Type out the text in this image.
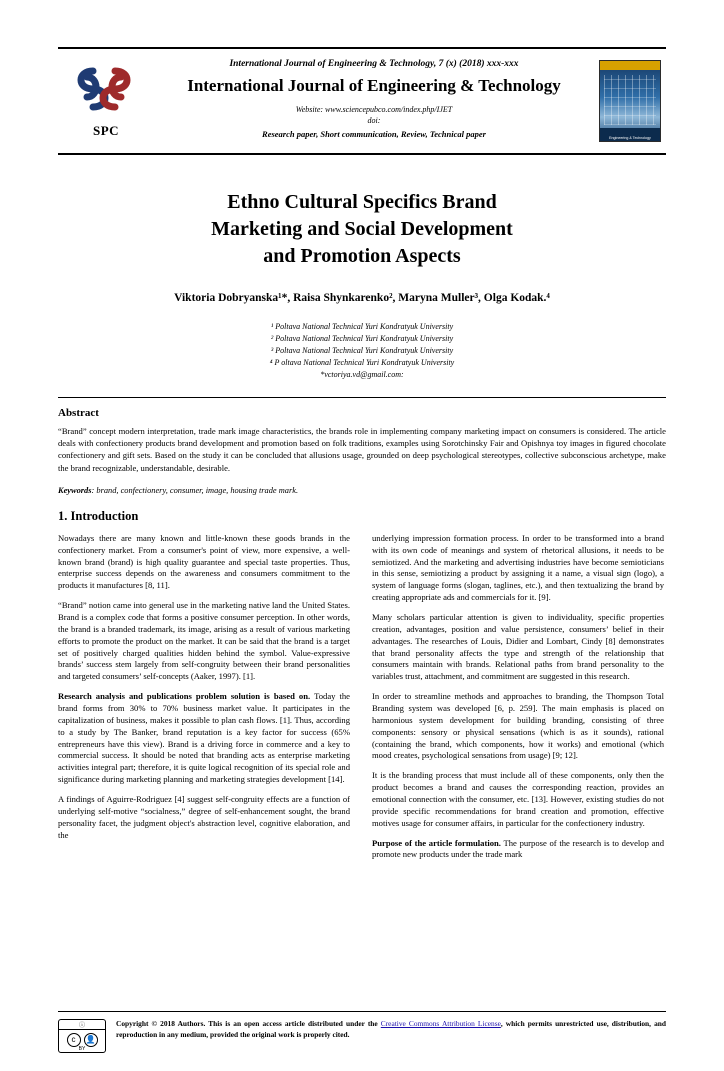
SPC
International Journal of Engineering & Technology, 7 (x) (2018) xxx-xxx
International Journal of Engineering & Technology
Website: www.sciencepubco.com/index.php/IJET
doi:
Research paper, Short communication, Review, Technical paper	Engineering & Technology
Ethno Cultural Specifics Brand
Marketing and Social Development
and Promotion Aspects
Viktoria Dobryanska¹*, Raisa Shynkarenko², Maryna Muller³, Olga Kodak.⁴
¹ Poltava National Technical Yuri Kondratyuk University
² Poltava National Technical Yuri Kondratyuk University
³ Poltava National Technical Yuri Kondratyuk University
⁴ P oltava National Technical Yuri Kondratyuk University
*vctoriya.vd@gmail.com:
Abstract
“Brand” concept modern interpretation, trade mark image characteristics, the brands role in implementing company marketing impact on consumers is considered. The article deals with confectionery products brand development and promotion based on folk traditions, examples using Sorotchinsky Fair and Opishnya toy images in figured chocolate confectionery and gift sets. Based on the study it can be concluded that allusions usage, grounded on deep psychological stereotypes, collective subconscious archetype, make the brand recognizable, understandable, desirable.
Keywords: brand, confectionery, consumer, image, housing trade mark.
1. Introduction

Nowadays there are many known and little-known these goods brands in the confectionery market. From a consumer's point of view, more expensive, a well-known brand (brand) is high quality guarantee and special taste properties. Thus, enterprise success depends on the awareness and consumers commitment to the products it manufactures [8, 11].

“Brand” notion came into general use in the marketing native land the United States. Brand is a complex code that forms a positive consumer perception. In other words, the brand is a branded trademark, its image, arising as a result of various marketing efforts to promote the product on the market. It can be said that the brand is a target set of positively charged qualities hidden behind the symbol. Value-expressive brands’ success stem largely from self-congruity between their brand personalities and targeted consumers’ self-concepts (Aaker, 1997). [1].

Research analysis and publications problem solution is based on. Today the brand forms from 30% to 70% business market value. It participates in the capitalization of business, makes it possible to plan cash flows. [1]. Thus, according to a study by The Banker, brand reputation is a key factor for success (65% entrepreneurs have this view). Brand is a driving force in commerce and a key to commercial success. It should be noted that branding acts as enterprise marketing activities integral part; therefore, it is quite logical recognition of its special role and significance during marketing planning and marketing strategies development [14].

A findings of Aguirre-Rodriguez [4] suggest self-congruity effects are a function of underlying self-motive “socialness,” degree of self-enhancement sought, the brand personality facet, the judgment object's abstraction level, cognitive elaboration, and the

underlying impression formation process. In order to be transformed into a brand with its own code of meanings and system of rhetorical allusions, it needs to be semiotized. And the marketing and advertising industries have become semioticians in this sense, semiotizing a product by assigning it a name, a visual sign (logo), a system of language forms (slogan, taglines, etc.), and then textualizing the brand by creating appropriate ads and commercials for it. [9].

Many scholars particular attention is given to individuality, specific properties creation, advantages, position and value persistence, consumers’ belief in their advantages. The researches of Louis, Didier and Lombart, Cindy [8] demonstrates that brand personality affects the type and strength of the relationship that consumers maintain with brands. Relational paths from brand personality to the variables trust, attachment, and commitment are suggested in this research.

In order to streamline methods and approaches to branding, the Thompson Total Branding system was developed [6, p. 259]. The main emphasis is placed on harmonious system development for building branding, consisting of three components: sensory or physical sensations (which is as it sounds), rational (containing the brand, which components, how it works) and emotional (which mood creates, psychological sensations from usage) [9; 12].

It is the branding process that must include all of these components, only then the product becomes a brand and causes the corresponding reaction, provides an emotional connection with the consumer, etc. [13]. However, existing studies do not provide specific recommendations for brand creation and promotion, effective motives usage for consumer affairs, in particular for the confectionery industry.

Purpose of the article formulation. The purpose of the research is to develop and promote new products under the trade mark

ⓘ
c	👤
BY
Copyright © 2018 Authors. This is an open access article distributed under the Creative Commons Attribution License, which permits unrestricted use, distribution, and reproduction in any medium, provided the original work is properly cited.
